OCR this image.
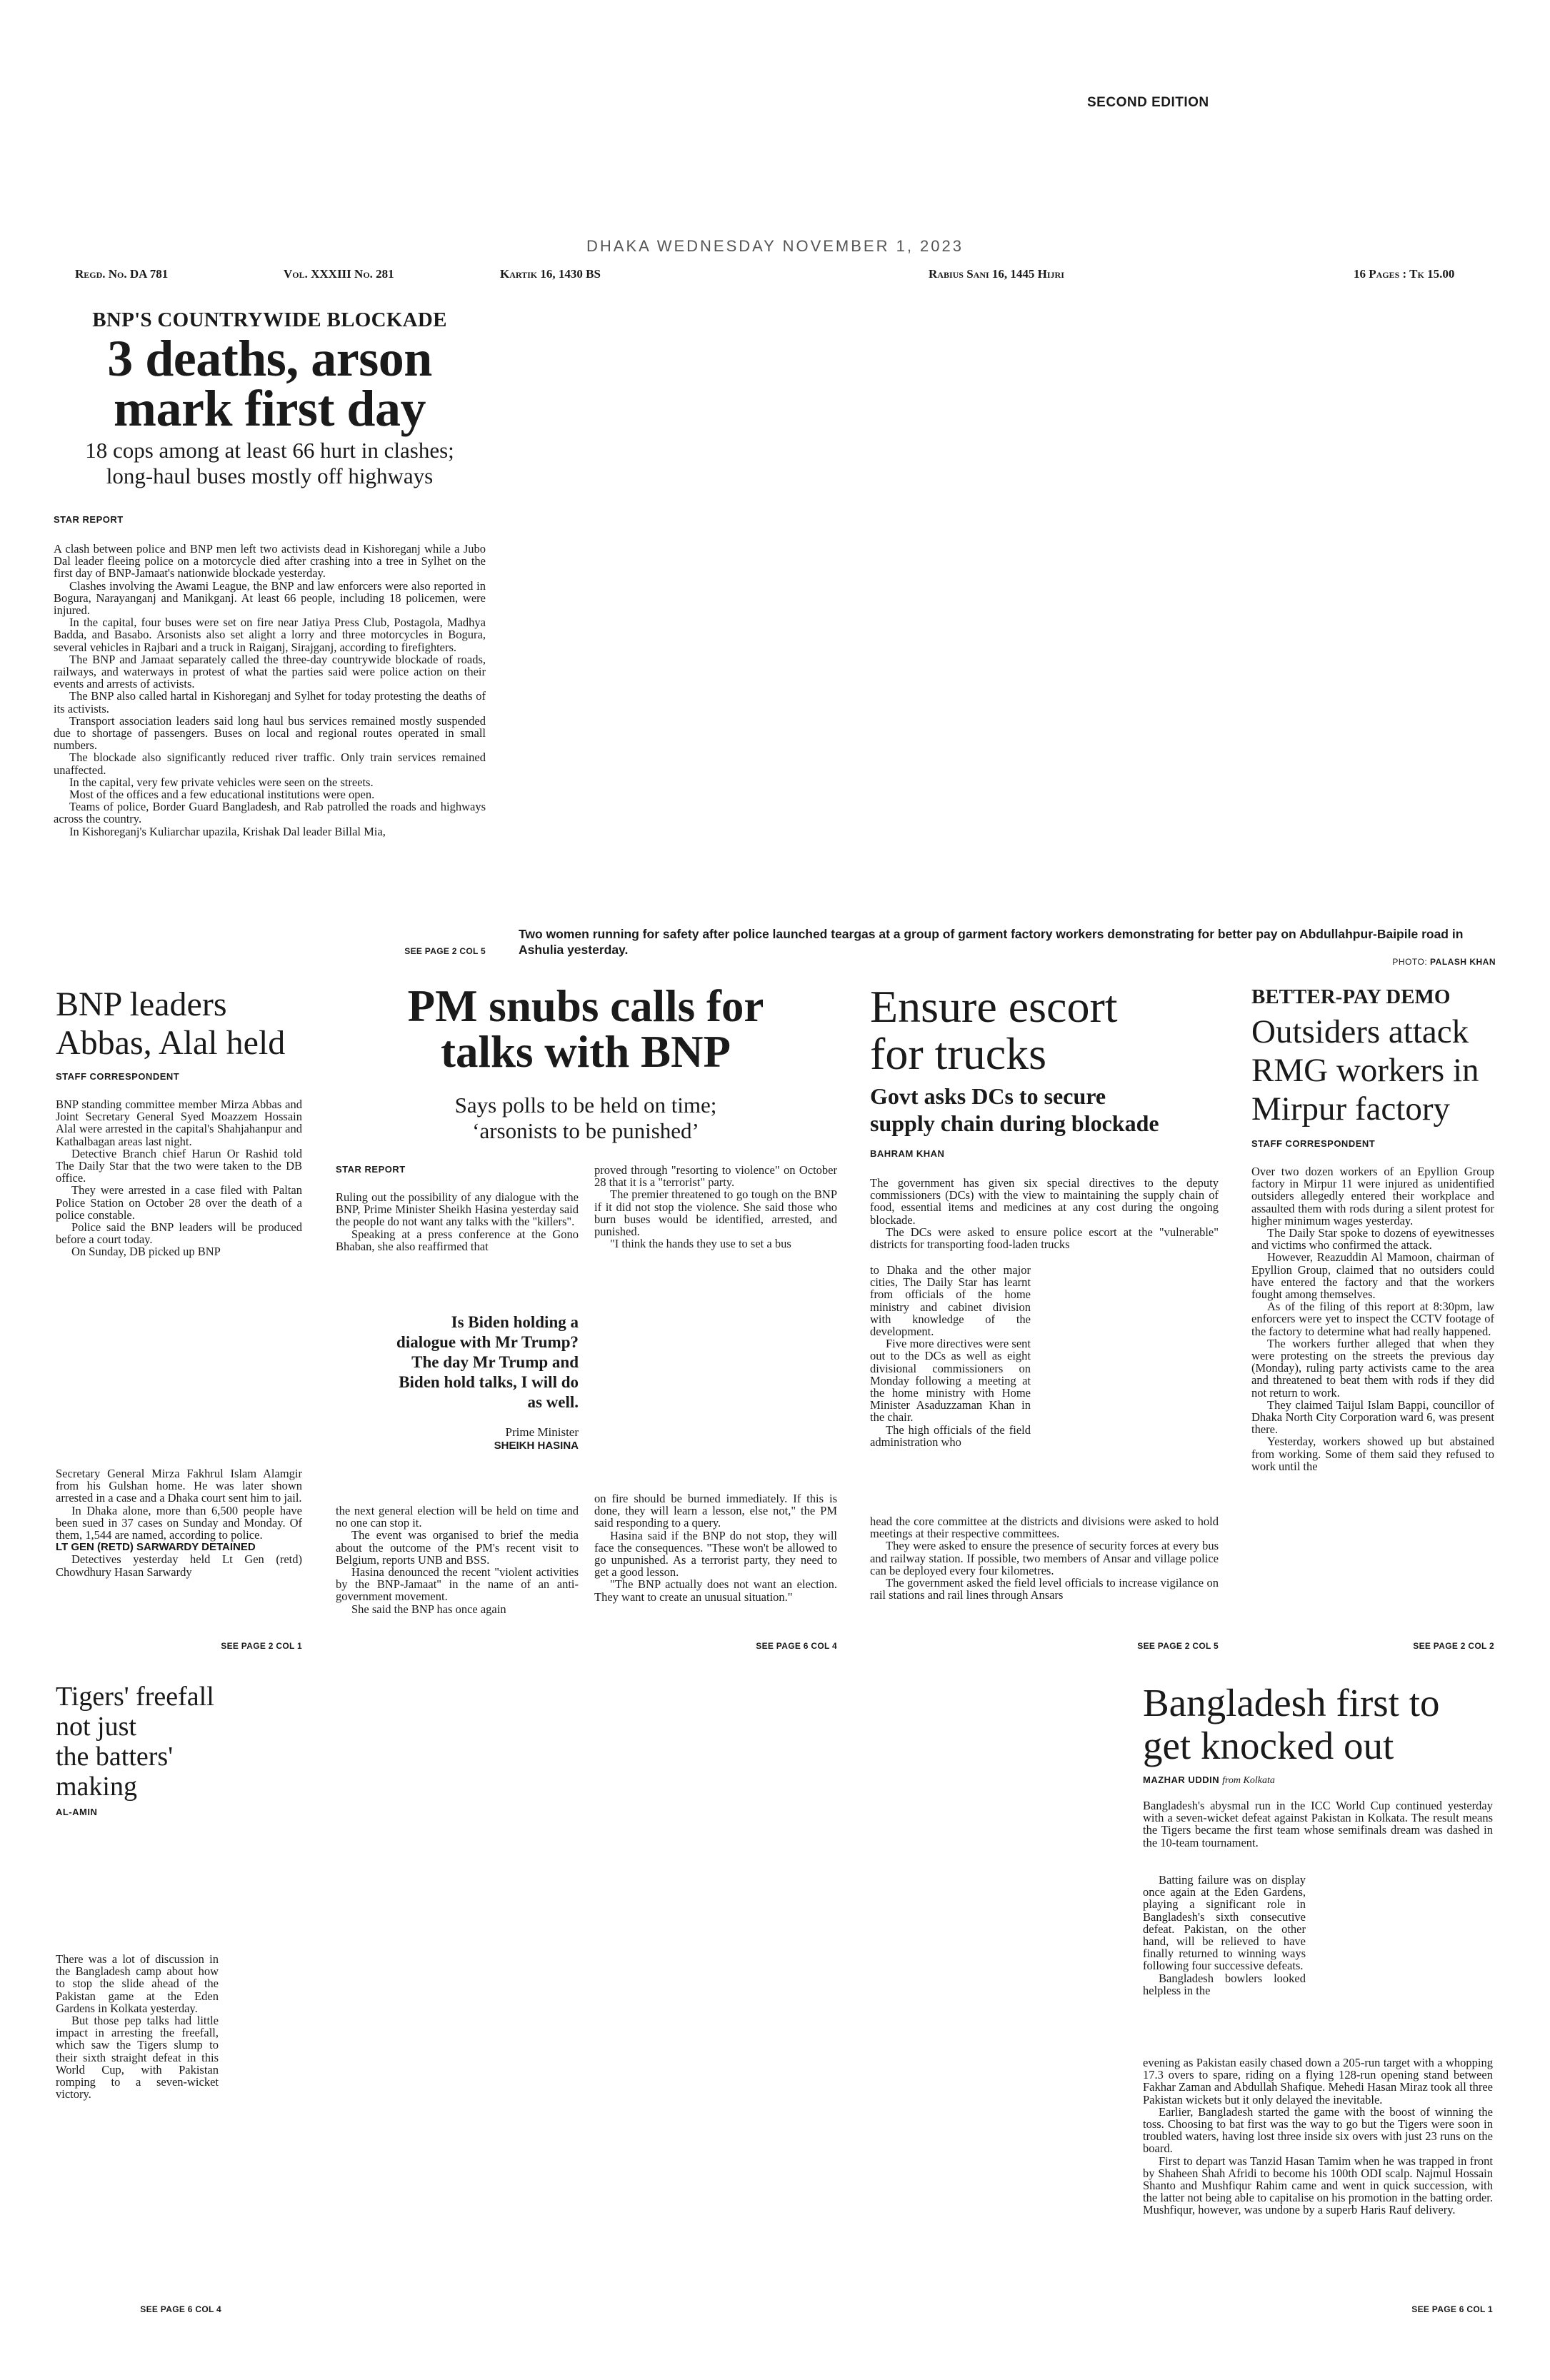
SECOND EDITION
DHAKA WEDNESDAY NOVEMBER 1, 2023
Regd. No. DA 781	Vol. XXXIII No. 281	Kartik 16, 1430 BS	Rabius Sani 16, 1445 Hijri	16 Pages : Tk 15.00
BNP'S COUNTRYWIDE BLOCKADE
3 deaths, arson
mark first day
18 cops among at least 66 hurt in clashes;
long-haul buses mostly off highways
STAR REPORT

A clash between police and BNP men left two activists dead in Kishoreganj while a Jubo Dal leader fleeing police on a motorcycle died after crashing into a tree in Sylhet on the first day of BNP-Jamaat's nationwide blockade yesterday.

Clashes involving the Awami League, the BNP and law enforcers were also reported in Bogura, Narayanganj and Manikganj. At least 66 people, including 18 policemen, were injured.

In the capital, four buses were set on fire near Jatiya Press Club, Postagola, Madhya Badda, and Basabo. Arsonists also set alight a lorry and three motorcycles in Bogura, several vehicles in Rajbari and a truck in Raiganj, Sirajganj, according to firefighters.

The BNP and Jamaat separately called the three-day countrywide blockade of roads, railways, and waterways in protest of what the parties said were police action on their events and arrests of activists.

The BNP also called hartal in Kishoreganj and Sylhet for today protesting the deaths of its activists.

Transport association leaders said long haul bus services remained mostly suspended due to shortage of passengers. Buses on local and regional routes operated in small numbers.

The blockade also significantly reduced river traffic. Only train services remained unaffected.

In the capital, very few private vehicles were seen on the streets.

Most of the offices and a few educational institutions were open.

Teams of police, Border Guard Bangladesh, and Rab patrolled the roads and highways across the country.

In Kishoreganj's Kuliarchar upazila, Krishak Dal leader Billal Mia,

SEE PAGE 2 COL 5
Two women running for safety after police launched teargas at a group of garment factory workers demonstrating for better pay on Abdullahpur-Baipile road in Ashulia yesterday.
PHOTO: PALASH KHAN
BNP leaders
Abbas, Alal held
STAFF CORRESPONDENT

BNP standing committee member Mirza Abbas and Joint Secretary General Syed Moazzem Hossain Alal were arrested in the capital's Shahjahanpur and Kathalbagan areas last night.

Detective Branch chief Harun Or Rashid told The Daily Star that the two were taken to the DB office.

They were arrested in a case filed with Paltan Police Station on October 28 over the death of a police constable.

Police said the BNP leaders will be produced before a court today.

On Sunday, DB picked up BNP

Secretary General Mirza Fakhrul Islam Alamgir from his Gulshan home. He was later shown arrested in a case and a Dhaka court sent him to jail.

In Dhaka alone, more than 6,500 people have been sued in 37 cases on Sunday and Monday. Of them, 1,544 are named, according to police.

LT GEN (RETD) SARWARDY DETAINED

Detectives yesterday held Lt Gen (retd) Chowdhury Hasan Sarwardy

SEE PAGE 2 COL 1
PM snubs calls for
talks with BNP
Says polls to be held on time;
‘arsonists to be punished’
STAR REPORT

Ruling out the possibility of any dialogue with the BNP, Prime Minister Sheikh Hasina yesterday said the people do not want any talks with the "killers".

Speaking at a press conference at the Gono Bhaban, she also reaffirmed that

proved through "resorting to violence" on October 28 that it is a "terrorist" party.

The premier threatened to go tough on the BNP if it did not stop the violence. She said those who burn buses would be identified, arrested, and punished.

"I think the hands they use to set a bus

Is Biden holding a
dialogue with Mr Trump?
The day Mr Trump and
Biden hold talks, I will do
as well.
Prime Minister
SHEIKH HASINA

the next general election will be held on time and no one can stop it.

The event was organised to brief the media about the outcome of the PM's recent visit to Belgium, reports UNB and BSS.

Hasina denounced the recent "violent activities by the BNP-Jamaat" in the name of an anti-government movement.

She said the BNP has once again

on fire should be burned immediately. If this is done, they will learn a lesson, else not," the PM said responding to a query.

Hasina said if the BNP do not stop, they will face the consequences. "These won't be allowed to go unpunished. As a terrorist party, they need to get a good lesson.

"The BNP actually does not want an election. They want to create an unusual situation."

SEE PAGE 6 COL 4
Ensure escort
for trucks
Govt asks DCs to secure
supply chain during blockade
BAHRAM KHAN

The government has given six special directives to the deputy commissioners (DCs) with the view to maintaining the supply chain of food, essential items and medicines at any cost during the ongoing blockade.

The DCs were asked to ensure police escort at the "vulnerable" districts for transporting food-laden trucks

to Dhaka and the other major cities, The Daily Star has learnt from officials of the home ministry and cabinet division with knowledge of the development.

Five more directives were sent out to the DCs as well as eight divisional commissioners on Monday following a meeting at the home ministry with Home Minister Asaduzzaman Khan in the chair.

The high officials of the field administration who

head the core committee at the districts and divisions were asked to hold meetings at their respective committees.

They were asked to ensure the presence of security forces at every bus and railway station. If possible, two members of Ansar and village police can be deployed every four kilometres.

The government asked the field level officials to increase vigilance on rail stations and rail lines through Ansars

SEE PAGE 2 COL 5
BETTER-PAY DEMO
Outsiders attack
RMG workers in
Mirpur factory
STAFF CORRESPONDENT

Over two dozen workers of an Epyllion Group factory in Mirpur 11 were injured as unidentified outsiders allegedly entered their workplace and assaulted them with rods during a silent protest for higher minimum wages yesterday.

The Daily Star spoke to dozens of eyewitnesses and victims who confirmed the attack.

However, Reazuddin Al Mamoon, chairman of Epyllion Group, claimed that no outsiders could have entered the factory and that the workers fought among themselves.

As of the filing of this report at 8:30pm, law enforcers were yet to inspect the CCTV footage of the factory to determine what had really happened.

The workers further alleged that when they were protesting on the streets the previous day (Monday), ruling party activists came to the area and threatened to beat them with rods if they did not return to work.

They claimed Taijul Islam Bappi, councillor of Dhaka North City Corporation ward 6, was present there.

Yesterday, workers showed up but abstained from working. Some of them said they refused to work until the

SEE PAGE 2 COL 2
Tigers' freefall
not just
the batters'
making
AL-AMIN

There was a lot of discussion in the Bangladesh camp about how to stop the slide ahead of the Pakistan game at the Eden Gardens in Kolkata yesterday.

But those pep talks had little impact in arresting the freefall, which saw the Tigers slump to their sixth straight defeat in this World Cup, with Pakistan romping to a seven-wicket victory.

SEE PAGE 6 COL 4
Bangladesh first to
get knocked out
MAZHAR UDDIN from Kolkata

Bangladesh's abysmal run in the ICC World Cup continued yesterday with a seven-wicket defeat against Pakistan in Kolkata. The result means the Tigers became the first team whose semifinals dream was dashed in the 10-team tournament.

Batting failure was on display once again at the Eden Gardens, playing a significant role in Bangladesh's sixth consecutive defeat. Pakistan, on the other hand, will be relieved to have finally returned to winning ways following four successive defeats.

Bangladesh bowlers looked helpless in the

evening as Pakistan easily chased down a 205-run target with a whopping 17.3 overs to spare, riding on a flying 128-run opening stand between Fakhar Zaman and Abdullah Shafique. Mehedi Hasan Miraz took all three Pakistan wickets but it only delayed the inevitable.

Earlier, Bangladesh started the game with the boost of winning the toss. Choosing to bat first was the way to go but the Tigers were soon in troubled waters, having lost three inside six overs with just 23 runs on the board.

First to depart was Tanzid Hasan Tamim when he was trapped in front by Shaheen Shah Afridi to become his 100th ODI scalp. Najmul Hossain Shanto and Mushfiqur Rahim came and went in quick succession, with the latter not being able to capitalise on his promotion in the batting order. Mushfiqur, however, was undone by a superb Haris Rauf delivery.

SEE PAGE 6 COL 1
